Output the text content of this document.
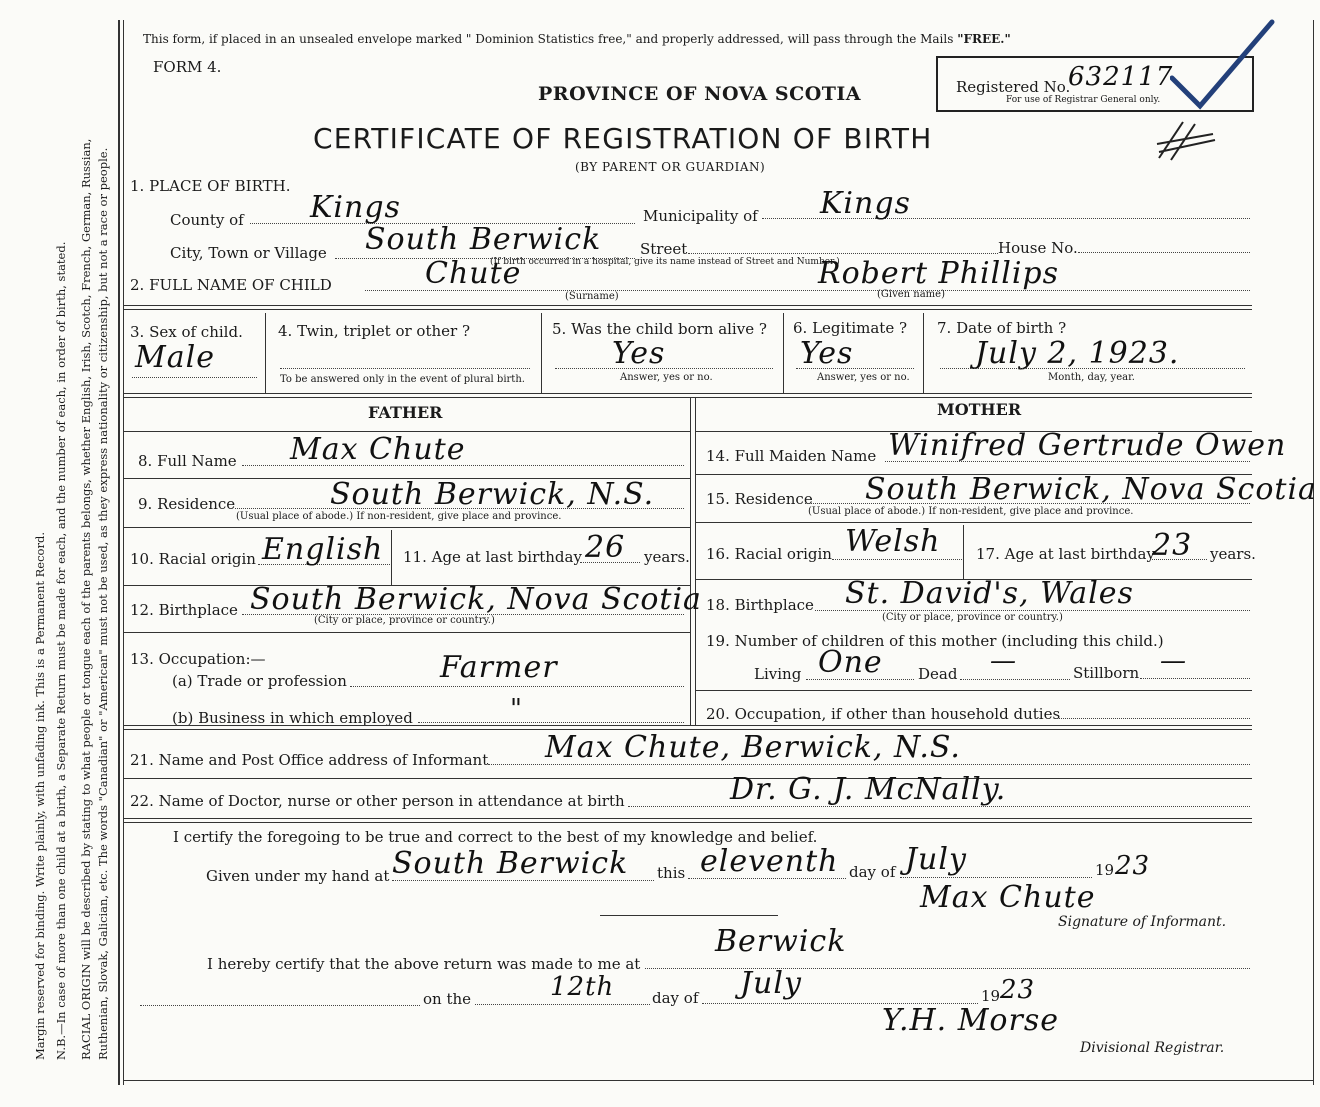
Margin reserved for binding. Write plainly, with unfading ink. This is a Permanent Record. N.B.—In case of more than one child at a birth, a Separate Return must be made for each, and the number of each, in order of birth, stated. RACIAL ORIGIN will be described by stating to what people or tongue each of the parents belongs, whether English, Irish, Scotch, French, German, Russian, Ruthenian, Slovak, Galician, etc. The words "Canadian" or "American" must not be used, as they express nationality or citizenship, but not a race or people.
This form, if placed in an unsealed envelope marked " Dominion Statistics free," and properly addressed, will pass through the Mails "FREE."
FORM 4.
PROVINCE OF NOVA SCOTIA
CERTIFICATE OF REGISTRATION OF BIRTH
(BY PARENT OR GUARDIAN)
Registered No.
632117
For use of Registrar General only.
1. PLACE OF BIRTH.
County of Kings	Municipality of Kings
City, Town or Village South Berwick	Street	House No.
(If birth occurred in a hospital, give its name instead of Street and Number.)
2. FULL NAME OF CHILD	Chute
(Surname)
Robert Phillips
(Given name)
3. Sex of child.
Male
4. Twin, triplet or other ?
To be answered only in the event of plural birth.
5. Was the child born alive ?
Yes
Answer, yes or no.
6. Legitimate ?
Yes
Answer, yes or no.
7. Date of birth ?
July 2, 1923.
Month, day, year.
FATHER	MOTHER
8. Full Name Max Chute
9. Residence	South Berwick, N.S.
(Usual place of abode.) If non-resident, give place and province.
10. Racial origin English 11. Age at last birthday 26 years.
12. Birthplace South Berwick, Nova Scotia
(City or place, province or country.)
13. Occupation:—
(a) Trade or profession	Farmer
(b) Business in which employed	"
14. Full Maiden Name Winifred Gertrude Owen
15. Residence South Berwick, Nova Scotia
(Usual place of abode.) If non-resident, give place and province.
16. Racial origin Welsh 17. Age at last birthday
23 years.
18. Birthplace St. David's, Wales
(City or place, province or country.)
19. Number of children of this mother (including this child.)
Living One Dead —	Stillborn —
20. Occupation, if other than household duties
21. Name and Post Office address of Informant Max Chute, Berwick, N.S.
22. Name of Doctor, nurse or other person in attendance at birth	Dr. G. J. McNally.
I certify the foregoing to be true and correct to the best of my knowledge and belief.
Given under my hand at South Berwick this eleventh day of July	19 23
Max Chute
Signature of Informant.
I hereby certify that the above return was made to me at
Berwick
on the	12th	day of July	19 23
Y.H. Morse
Divisional Registrar.
